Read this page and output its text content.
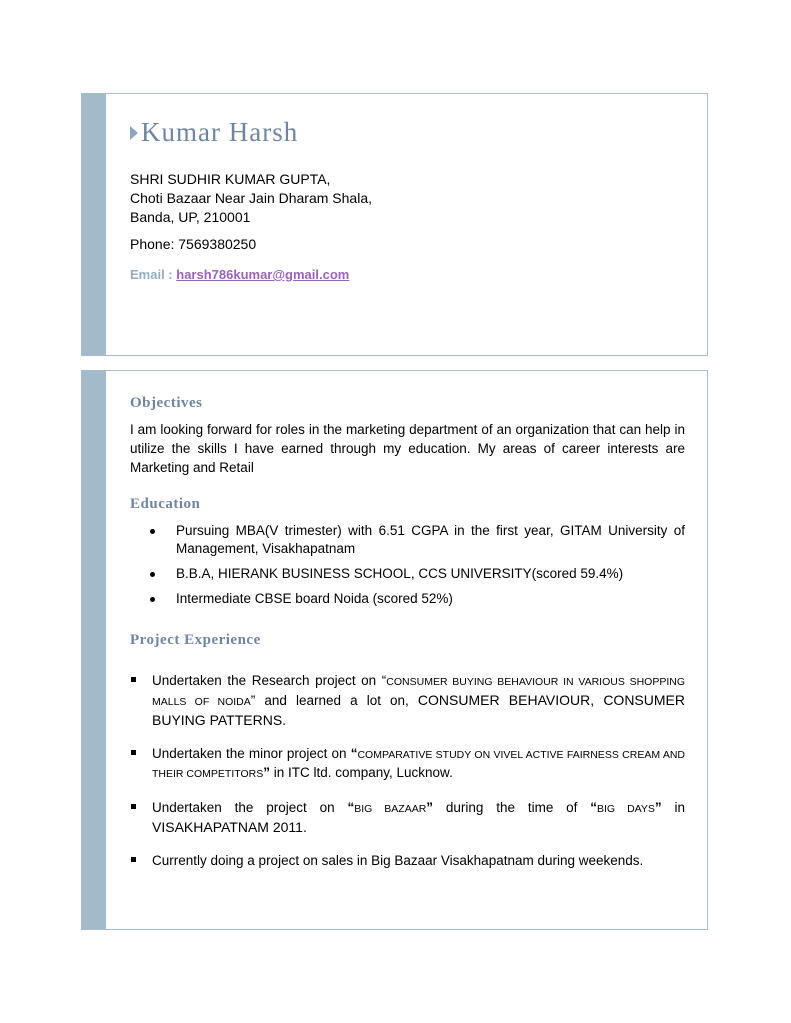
Kumar Harsh
SHRI SUDHIR KUMAR GUPTA,
Choti Bazaar Near Jain Dharam Shala,
Banda, UP, 210001
Phone: 7569380250
Email : harsh786kumar@gmail.com
Objectives
I am looking forward for roles in the marketing department of an organization that can help in utilize the skills I have earned through my education. My areas of career interests are Marketing and Retail
Education
Pursuing MBA(V trimester) with 6.51 CGPA in the first year, GITAM University of Management, Visakhapatnam
B.B.A, HIERANK BUSINESS SCHOOL, CCS UNIVERSITY(scored 59.4%)
Intermediate CBSE board Noida (scored 52%)
Project Experience
Undertaken the Research project on “CONSUMER BUYING BEHAVIOUR IN VARIOUS SHOPPING MALLS OF NOIDA” and learned a lot on, CONSUMER BEHAVIOUR, CONSUMER BUYING PATTERNS.
Undertaken the minor project on “COMPARATIVE STUDY ON VIVEL ACTIVE FAIRNESS CREAM AND THEIR COMPETITORS” in ITC ltd. company, Lucknow.
Undertaken the project on “BIG BAZAAR” during the time of “BIG DAYS” in VISAKHAPATNAM 2011.
Currently doing a project on sales in Big Bazaar Visakhapatnam during weekends.
